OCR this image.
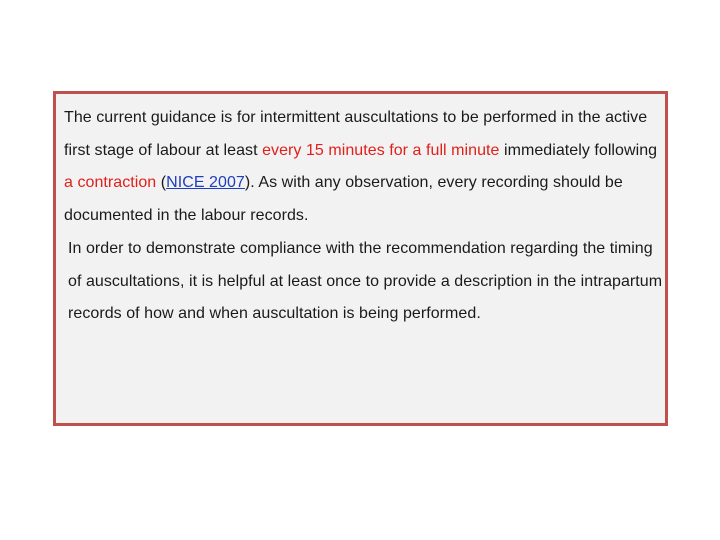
The current guidance is for intermittent auscultations to be performed in the active first stage of labour at least every 15 minutes for a full minute immediately following a contraction (NICE 2007). As with any observation, every recording should be documented in the labour records.

In order to demonstrate compliance with the recommendation regarding the timing of auscultations, it is helpful at least once to provide a description in the intrapartum records of how and when auscultation is being performed.
